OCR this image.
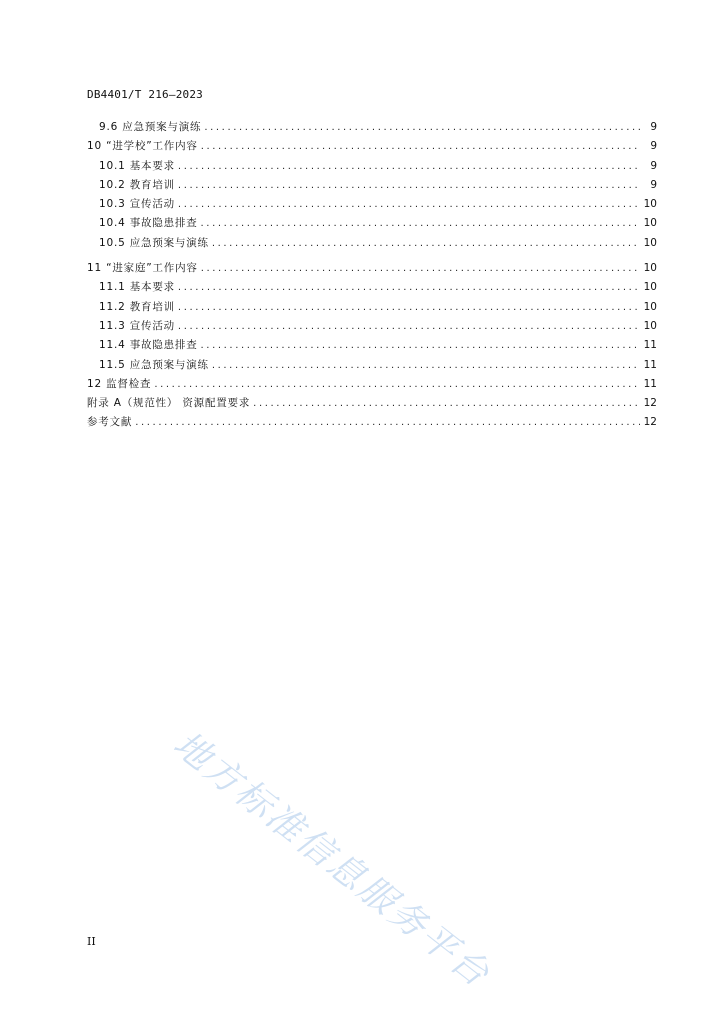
DB4401/T 216—2023
9.6 应急预案与演练 .....	9
10 “进学校”工作内容 .....	9
10.1 基本要求 .....	9
10.2 教育培训 .....	9
10.3 宣传活动 .....	10
10.4 事故隐患排查 .....	10
10.5 应急预案与演练 .....	10
11 “进家庭”工作内容 .....	10
11.1 基本要求 .....	10
11.2 教育培训 .....	10
11.3 宣传活动 .....	10
11.4 事故隐患排查 .....	11
11.5 应急预案与演练 .....	11
12 监督检查 .....	11
附录 A（规范性） 资源配置要求 .....	12
参考文献 .....	12
地方标准信息服务平台
II
